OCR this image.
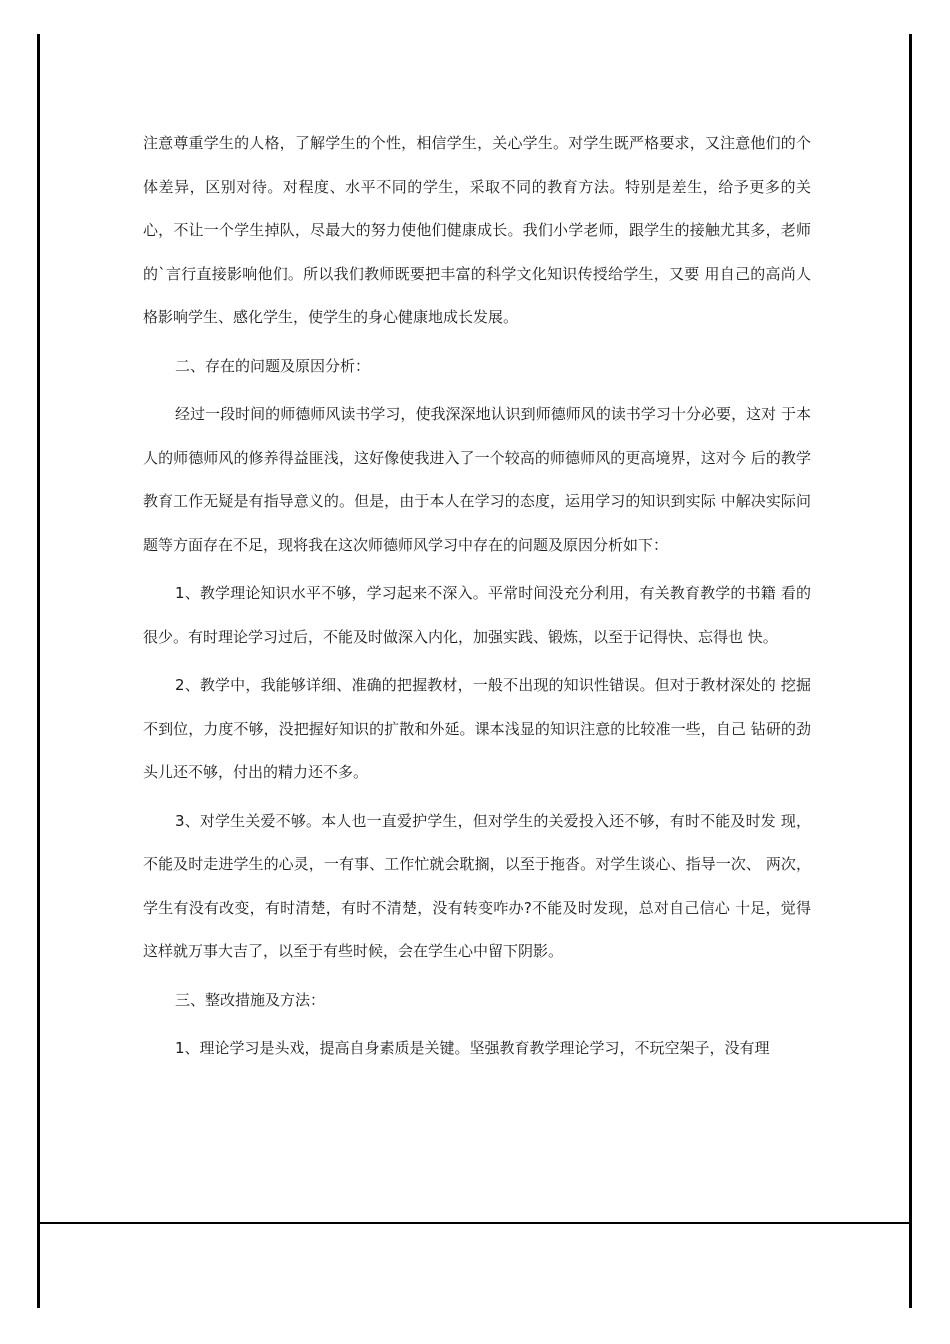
注意尊重学生的人格，了解学生的个性，相信学生，关心学生。对学生既严格要求，又注意他们的个体差异，区别对待。对程度、水平不同的学生，采取不同的教育方法。特别是差生，给予更多的关心，不让一个学生掉队，尽最大的努力使他们健康成长。我们小学老师，跟学生的接触尤其多，老师的`言行直接影响他们。所以我们教师既要把丰富的科学文化知识传授给学生，又要 用自己的高尚人格影响学生、感化学生，使学生的身心健康地成长发展。

二、存在的问题及原因分析：

经过一段时间的师德师风读书学习，使我深深地认识到师德师风的读书学习十分必要，这对 于本人的师德师风的修养得益匪浅，这好像使我进入了一个较高的师德师风的更高境界，这对今 后的教学教育工作无疑是有指导意义的。但是，由于本人在学习的态度，运用学习的知识到实际 中解决实际问题等方面存在不足，现将我在这次师德师风学习中存在的问题及原因分析如下：

1、教学理论知识水平不够，学习起来不深入。平常时间没充分利用，有关教育教学的书籍 看的很少。有时理论学习过后，不能及时做深入内化，加强实践、锻炼，以至于记得快、忘得也 快。

2、教学中，我能够详细、准确的把握教材，一般不出现的知识性错误。但对于教材深处的 挖掘不到位，力度不够，没把握好知识的扩散和外延。课本浅显的知识注意的比较准一些，自己 钻研的劲头儿还不够，付出的精力还不多。

3、对学生关爱不够。本人也一直爱护学生，但对学生的关爱投入还不够，有时不能及时发 现，不能及时走进学生的心灵，一有事、工作忙就会耽搁，以至于拖沓。对学生谈心、指导一次、 两次，学生有没有改变，有时清楚，有时不清楚，没有转变咋办?不能及时发现，总对自己信心 十足，觉得这样就万事大吉了，以至于有些时候，会在学生心中留下阴影。

三、整改措施及方法：

1、理论学习是头戏，提高自身素质是关键。坚强教育教学理论学习，不玩空架子，没有理
